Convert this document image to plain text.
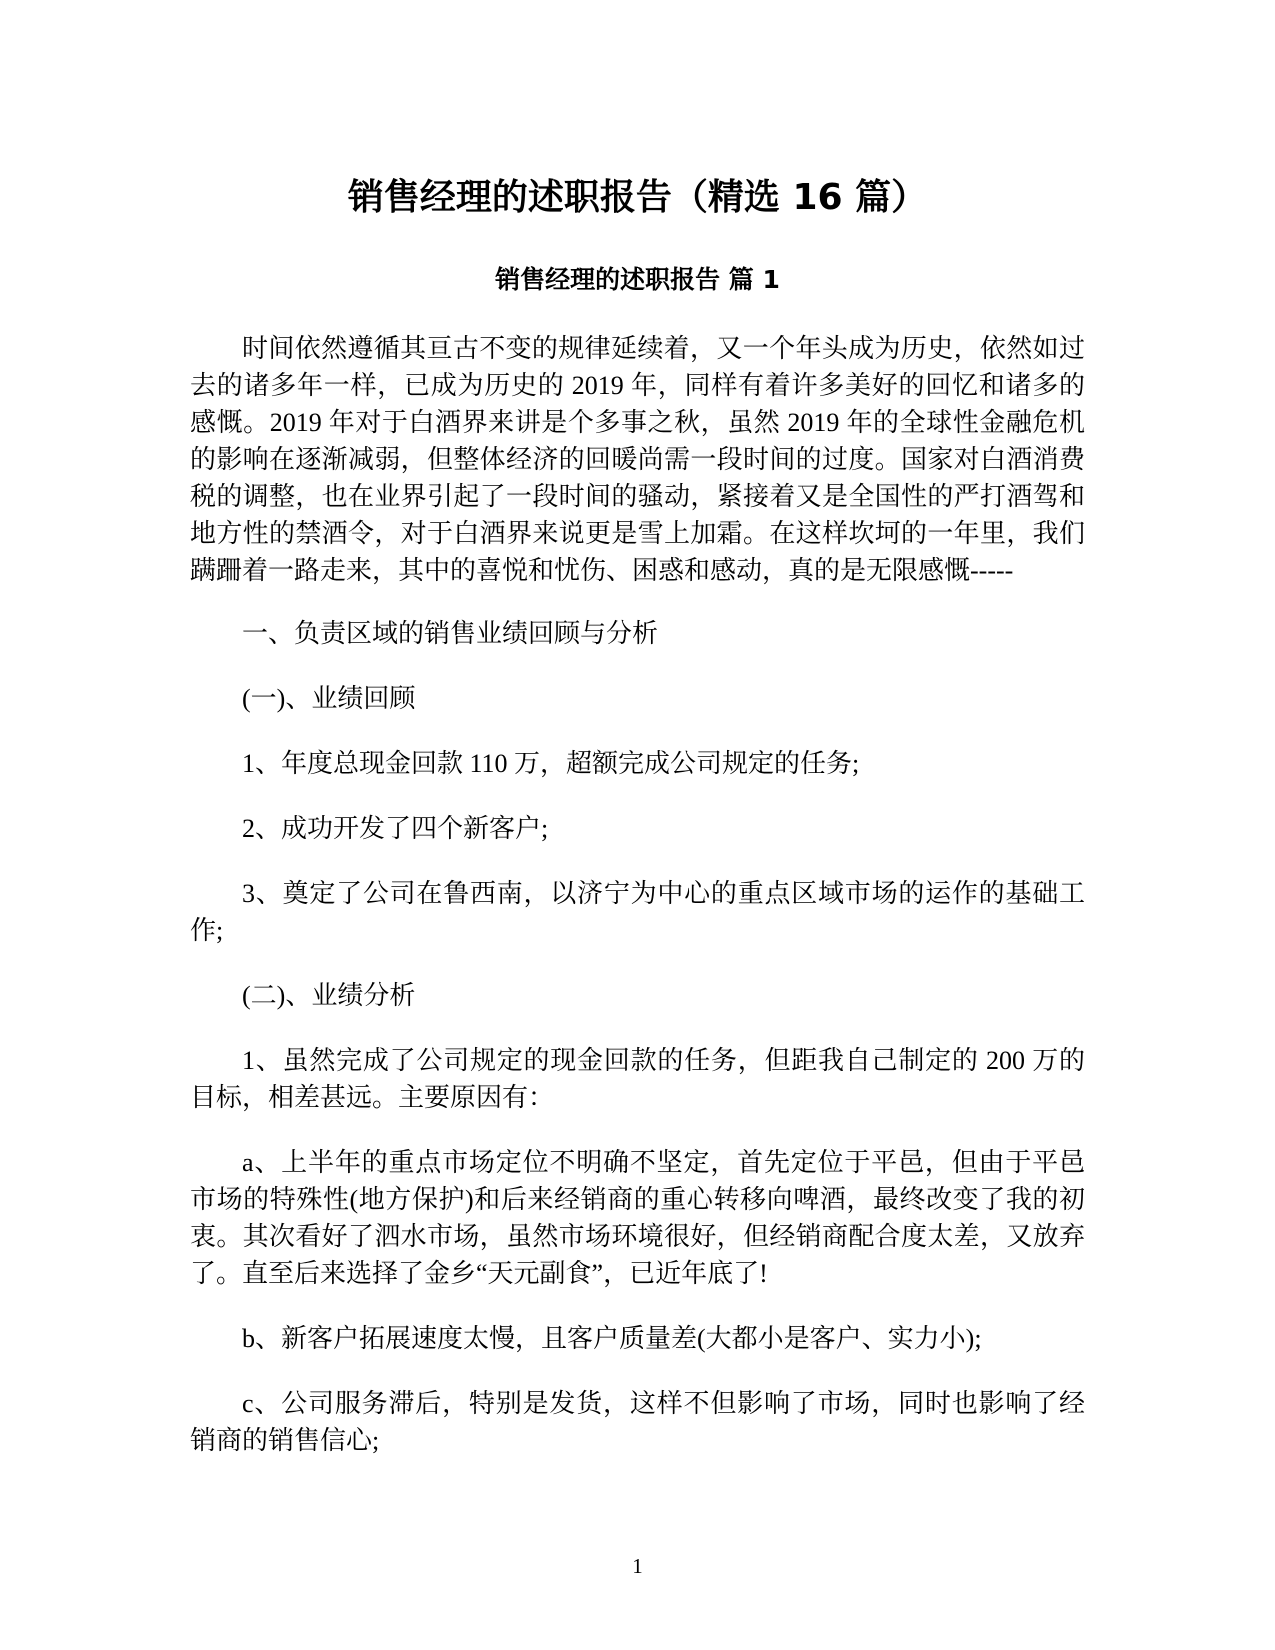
销售经理的述职报告（精选 16 篇）
销售经理的述职报告 篇 1

时间依然遵循其亘古不变的规律延续着，又一个年头成为历史，依然如过去的诸多年一样，已成为历史的 2019 年，同样有着许多美好的回忆和诸多的感慨。2019 年对于白酒界来讲是个多事之秋，虽然 2019 年的全球性金融危机的影响在逐渐减弱，但整体经济的回暖尚需一段时间的过度。国家对白酒消费税的调整，也在业界引起了一段时间的骚动，紧接着又是全国性的严打酒驾和地方性的禁酒令，对于白酒界来说更是雪上加霜。在这样坎坷的一年里，我们蹒跚着一路走来，其中的喜悦和忧伤、困惑和感动，真的是无限感慨-----

一、负责区域的销售业绩回顾与分析

(一)、业绩回顾

1、年度总现金回款 110 万，超额完成公司规定的任务;

2、成功开发了四个新客户;

3、奠定了公司在鲁西南，以济宁为中心的重点区域市场的运作的基础工作;

(二)、业绩分析

1、虽然完成了公司规定的现金回款的任务，但距我自己制定的 200 万的目标，相差甚远。主要原因有：

a、上半年的重点市场定位不明确不坚定，首先定位于平邑，但由于平邑市场的特殊性(地方保护)和后来经销商的重心转移向啤酒，最终改变了我的初衷。其次看好了泗水市场，虽然市场环境很好，但经销商配合度太差，又放弃了。直至后来选择了金乡“天元副食”，已近年底了!

b、新客户拓展速度太慢，且客户质量差(大都小是客户、实力小);

c、公司服务滞后，特别是发货，这样不但影响了市场，同时也影响了经销商的销售信心;

1
